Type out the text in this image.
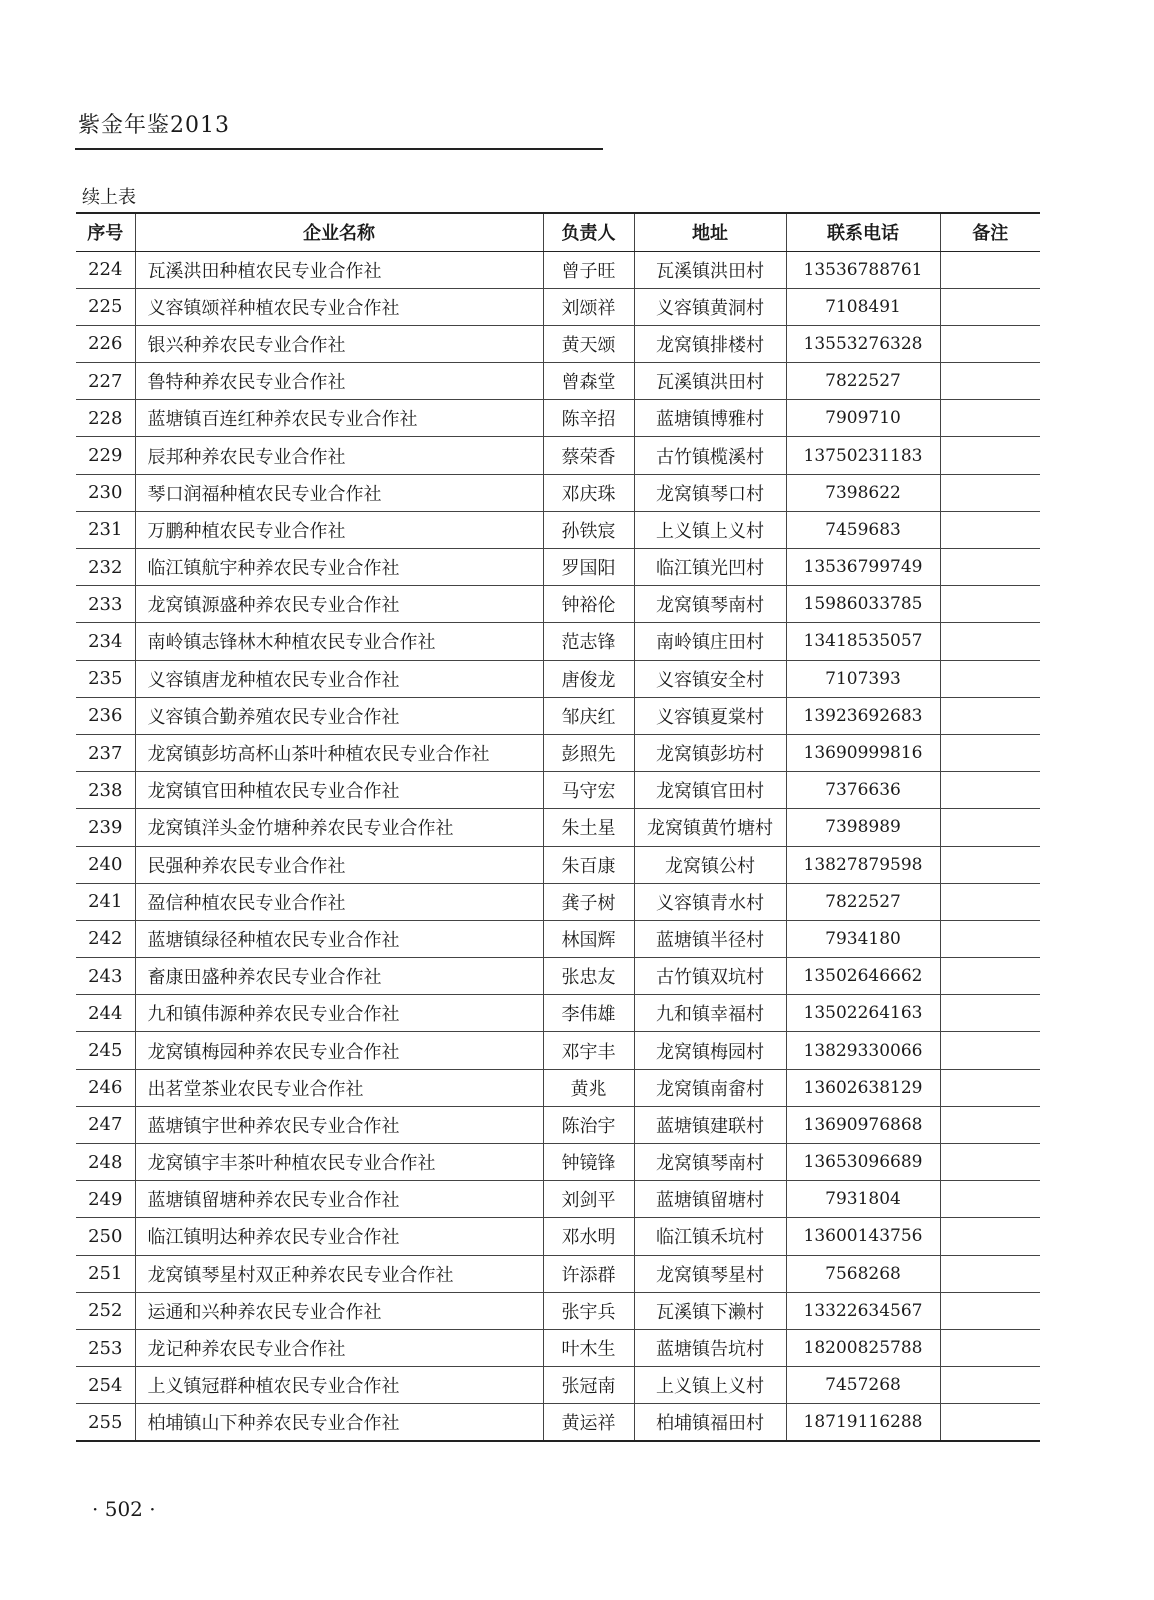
紫金年鉴2013
续上表
序号	企业名称	负责人	地址	联系电话	备注
224	瓦溪洪田种植农民专业合作社	曾子旺	瓦溪镇洪田村	13536788761	
225	义容镇颂祥种植农民专业合作社	刘颂祥	义容镇黄洞村	7108491	
226	银兴种养农民专业合作社	黄天颂	龙窝镇排楼村	13553276328	
227	鲁特种养农民专业合作社	曾森堂	瓦溪镇洪田村	7822527	
228	蓝塘镇百连红种养农民专业合作社	陈辛招	蓝塘镇博雅村	7909710	
229	辰邦种养农民专业合作社	蔡荣香	古竹镇榄溪村	13750231183	
230	琴口润福种植农民专业合作社	邓庆珠	龙窝镇琴口村	7398622	
231	万鹏种植农民专业合作社	孙铁宸	上义镇上义村	7459683	
232	临江镇航宇种养农民专业合作社	罗国阳	临江镇光凹村	13536799749	
233	龙窝镇源盛种养农民专业合作社	钟裕伦	龙窝镇琴南村	15986033785	
234	南岭镇志锋林木种植农民专业合作社	范志锋	南岭镇庄田村	13418535057	
235	义容镇唐龙种植农民专业合作社	唐俊龙	义容镇安全村	7107393	
236	义容镇合勤养殖农民专业合作社	邹庆红	义容镇夏棠村	13923692683	
237	龙窝镇彭坊高杯山茶叶种植农民专业合作社	彭照先	龙窝镇彭坊村	13690999816	
238	龙窝镇官田种植农民专业合作社	马守宏	龙窝镇官田村	7376636	
239	龙窝镇洋头金竹塘种养农民专业合作社	朱土星	龙窝镇黄竹塘村	7398989	
240	民强种养农民专业合作社	朱百康	龙窝镇公村	13827879598	
241	盈信种植农民专业合作社	龚子树	义容镇青水村	7822527	
242	蓝塘镇绿径种植农民专业合作社	林国辉	蓝塘镇半径村	7934180	
243	畜康田盛种养农民专业合作社	张忠友	古竹镇双坑村	13502646662	
244	九和镇伟源种养农民专业合作社	李伟雄	九和镇幸福村	13502264163	
245	龙窝镇梅园种养农民专业合作社	邓宇丰	龙窝镇梅园村	13829330066	
246	出茗堂茶业农民专业合作社	黄兆	龙窝镇南畲村	13602638129	
247	蓝塘镇宇世种养农民专业合作社	陈治宇	蓝塘镇建联村	13690976868	
248	龙窝镇宇丰茶叶种植农民专业合作社	钟镜锋	龙窝镇琴南村	13653096689	
249	蓝塘镇留塘种养农民专业合作社	刘剑平	蓝塘镇留塘村	7931804	
250	临江镇明达种养农民专业合作社	邓水明	临江镇禾坑村	13600143756	
251	龙窝镇琴星村双正种养农民专业合作社	许添群	龙窝镇琴星村	7568268	
252	运通和兴种养农民专业合作社	张宇兵	瓦溪镇下濑村	13322634567	
253	龙记种养农民专业合作社	叶木生	蓝塘镇告坑村	18200825788	
254	上义镇冠群种植农民专业合作社	张冠南	上义镇上义村	7457268	
255	柏埔镇山下种养农民专业合作社	黄运祥	柏埔镇福田村	18719116288	
· 502 ·
